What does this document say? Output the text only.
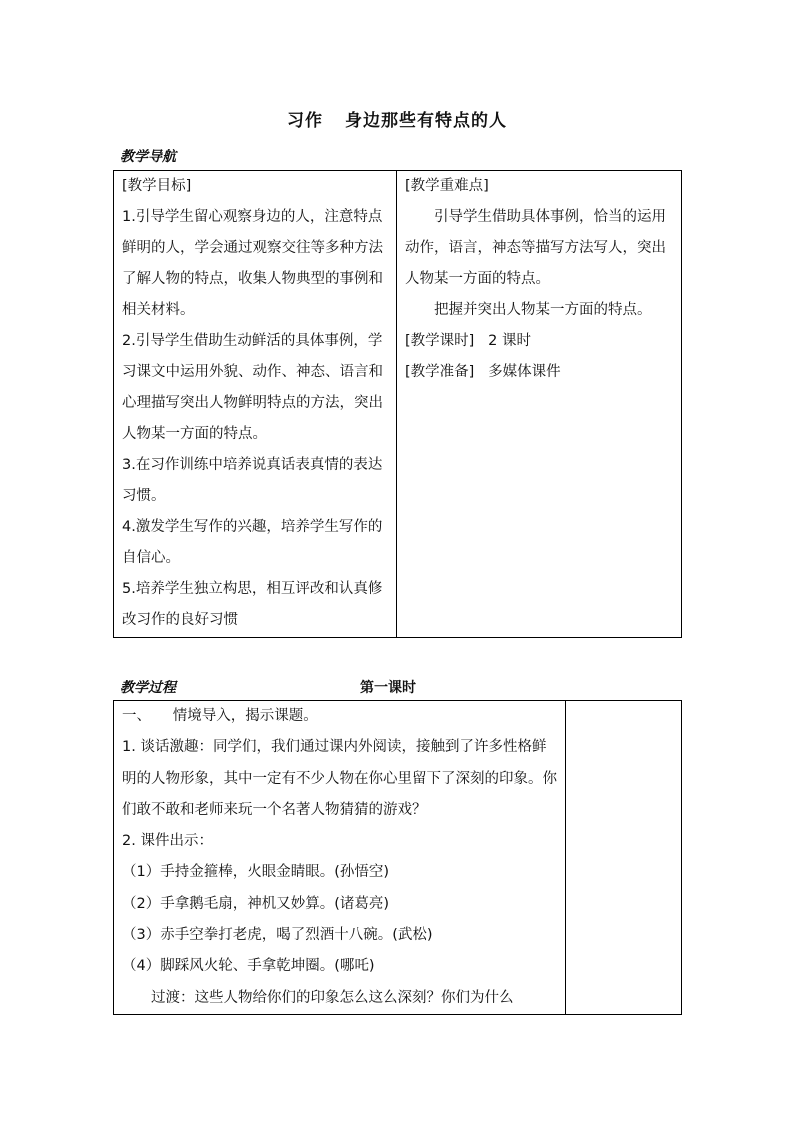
习作 身边那些有特点的人
教学导航

[教学目标]

1.引导学生留心观察身边的人，注意特点鲜明的人，学会通过观察交往等多种方法了解人物的特点，收集人物典型的事例和相关材料。

2.引导学生借助生动鲜活的具体事例，学习课文中运用外貌、动作、神态、语言和心理描写突出人物鲜明特点的方法，突出人物某一方面的特点。

3.在习作训练中培养说真话表真情的表达习惯。

4.激发学生写作的兴趣，培养学生写作的自信心。

5.培养学生独立构思，相互评改和认真修改习作的良好习惯

[教学重难点]

引导学生借助具体事例，恰当的运用动作，语言，神态等描写方法写人，突出人物某一方面的特点。

把握并突出人物某一方面的特点。

[教学课时] 2 课时

[教学准备] 多媒体课件

教学过程	第一课时

一、　　情境导入，揭示课题。

1. 谈话激趣：同学们，我们通过课内外阅读，接触到了许多性格鲜明的人物形象，其中一定有不少人物在你心里留下了深刻的印象。你们敢不敢和老师来玩一个名著人物猜猜的游戏？

2. 课件出示：

（1）手持金箍棒，火眼金睛眼。(孙悟空)

（2）手拿鹅毛扇，神机又妙算。(诸葛亮)

（3）赤手空拳打老虎，喝了烈酒十八碗。(武松)

（4）脚踩风火轮、手拿乾坤圈。(哪吒)

过渡：这些人物给你们的印象怎么这么深刻？你们为什么
